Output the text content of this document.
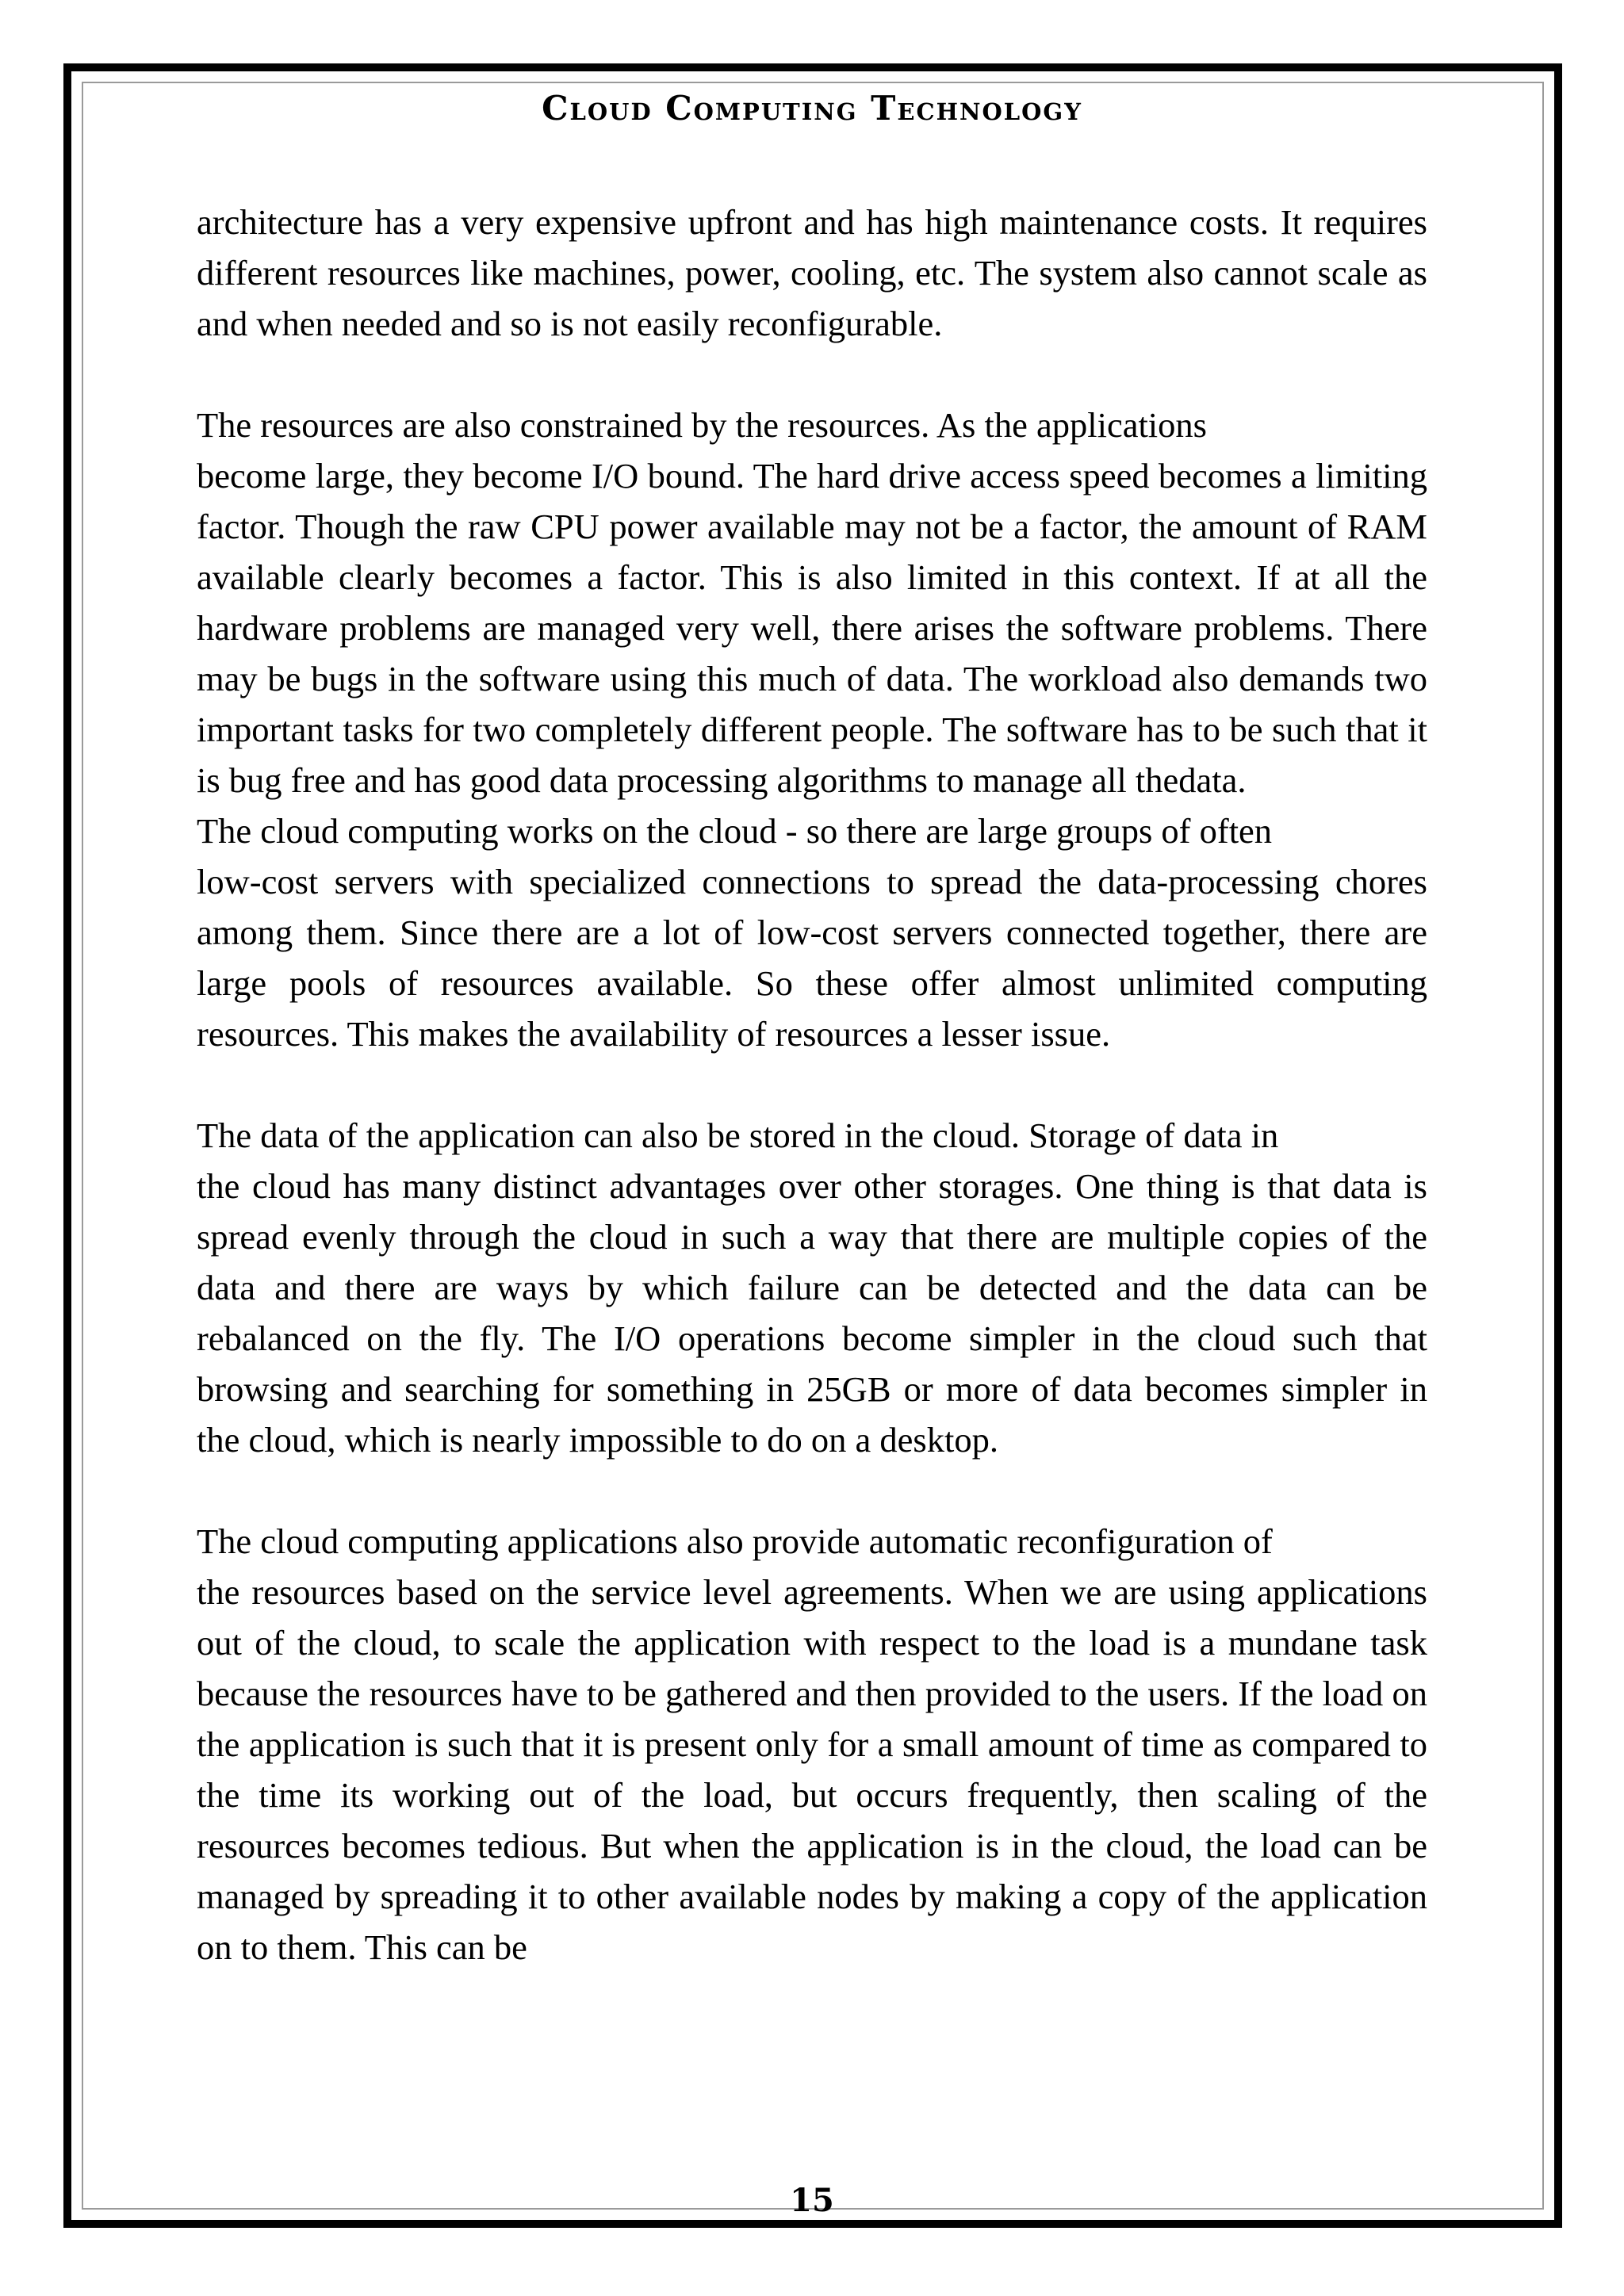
Cloud Computing Technology

architecture has a very expensive upfront and has high maintenance costs. It requires different resources like machines, power, cooling, etc. The system also cannot scale as and when needed and so is not easily reconfigurable.

The resources are also constrained by the resources. As the applications
become large, they become I/O bound. The hard drive access speed becomes a limiting factor. Though the raw CPU power available may not be a factor, the amount of RAM available clearly becomes a factor. This is also limited in this context. If at all the hardware problems are managed very well, there arises the software problems. There may be bugs in the software using this much of data. The workload also demands two important tasks for two completely different people. The software has to be such that it is bug free and has good data processing algorithms to manage all thedata.

The cloud computing works on the cloud - so there are large groups of often
low-cost servers with specialized connections to spread the data-processing chores among them. Since there are a lot of low-cost servers connected together, there are large pools of resources available. So these offer almost unlimited computing resources. This makes the availability of resources a lesser issue.

The data of the application can also be stored in the cloud. Storage of data in
the cloud has many distinct advantages over other storages. One thing is that data is spread evenly through the cloud in such a way that there are multiple copies of the data and there are ways by which failure can be detected and the data can be rebalanced on the fly. The I/O operations become simpler in the cloud such that browsing and searching for something in 25GB or more of data becomes simpler in the cloud, which is nearly impossible to do on a desktop.

The cloud computing applications also provide automatic reconfiguration of
the resources based on the service level agreements. When we are using applications out of the cloud, to scale the application with respect to the load is a mundane task because the resources have to be gathered and then provided to the users. If the load on the application is such that it is present only for a small amount of time as compared to the time its working out of the load, but occurs frequently, then scaling of the resources becomes tedious. But when the application is in the cloud, the load can be managed by spreading it to other available nodes by making a copy of the application on to them. This can be

15
